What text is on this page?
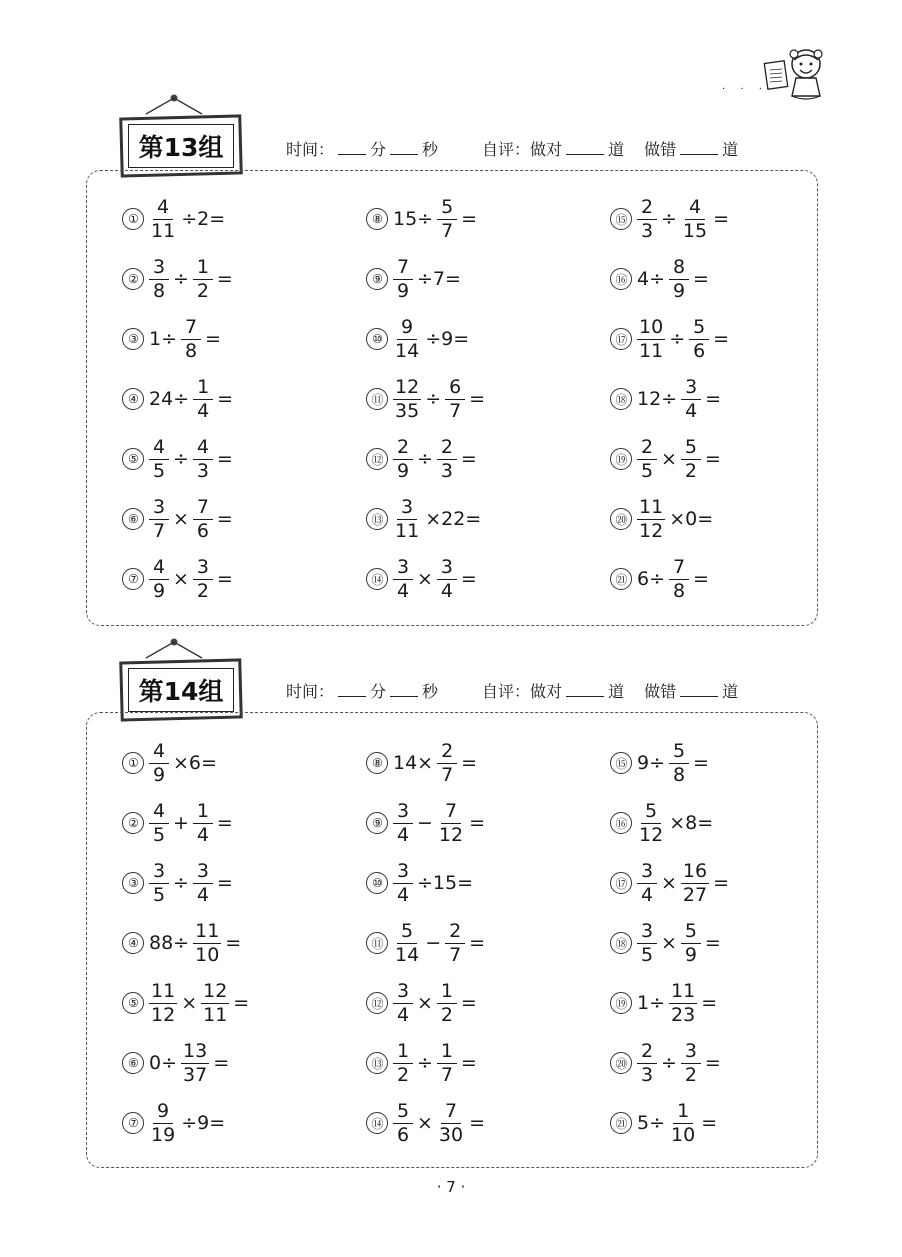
· · ·
第13组	时间： 分 秒	自评：做对	道 做错	道
① $\frac{4}{11} \div 2=$
② $\frac{3}{8} \div \frac{1}{2}$ =
③ $1\div \frac{7}{8}$ =
④ $24\div \frac{1}{4}$ =
⑤ $\frac{4}{5} \div \frac{4}{3}$ =
⑥ $\frac{3}{7} \times \frac{7}{6}$ =
⑦ $\frac{4}{9} \times \frac{3}{2}$ =
⑧ $15\div \frac{5}{7}$ =
⑨ $\frac{7}{9} \div 7=$
⑩ $\frac{9}{14} \div 9=$
⑪ $\frac{12}{35} \div \frac{6}{7}$ =
⑫ $\frac{2}{9} \div \frac{2}{3}$ =
⑬ $\frac{3}{11} \times 22=$
⑭ $\frac{3}{4} \times \frac{3}{4}$ =
⑮ $\frac{2}{3} \div \frac{4}{15}$ =
⑯ $4\div \frac{8}{9}$ =
⑰ $\frac{10}{11} \div \frac{5}{6}$ =
⑱ $12\div \frac{3}{4}$ =
⑲ $\frac{2}{5} \times \frac{5}{2}$ =
⑳ $\frac{11}{12} \times 0=$
㉑ $6\div \frac{7}{8}$ =
第14组	时间： 分 秒	自评：做对	道 做错	道
① $\frac{4}{9} \times 6=$
② $\frac{4}{5} + \frac{1}{4}$ =
③ $\frac{3}{5} \div \frac{3}{4}$ =
④ $88\div \frac{11}{10}$ =
⑤ $\frac{11}{12} \times \frac{12}{11}$ =
⑥ $0\div \frac{13}{37}$ =
⑦ $\frac{9}{19} \div 9=$
⑧ $14\times \frac{2}{7}$ =
⑨ $\frac{3}{4} - \frac{7}{12}$ =
⑩ $\frac{3}{4} \div 15=$
⑪ $\frac{5}{14} - \frac{2}{7}$ =
⑫ $\frac{3}{4} \times \frac{1}{2}$ =
⑬ $\frac{1}{2} \div \frac{1}{7}$ =
⑭ $\frac{5}{6} \times \frac{7}{30}$ =
⑮ $9\div \frac{5}{8}$ =
⑯ $\frac{5}{12} \times 8=$
⑰ $\frac{3}{4} \times \frac{16}{27}$ =
⑱ $\frac{3}{5} \times \frac{5}{9}$ =
⑲ $1\div \frac{11}{23}$ =
⑳ $\frac{2}{3} \div \frac{3}{2}$ =
㉑ $5\div \frac{1}{10}$ =
· 7 ·
